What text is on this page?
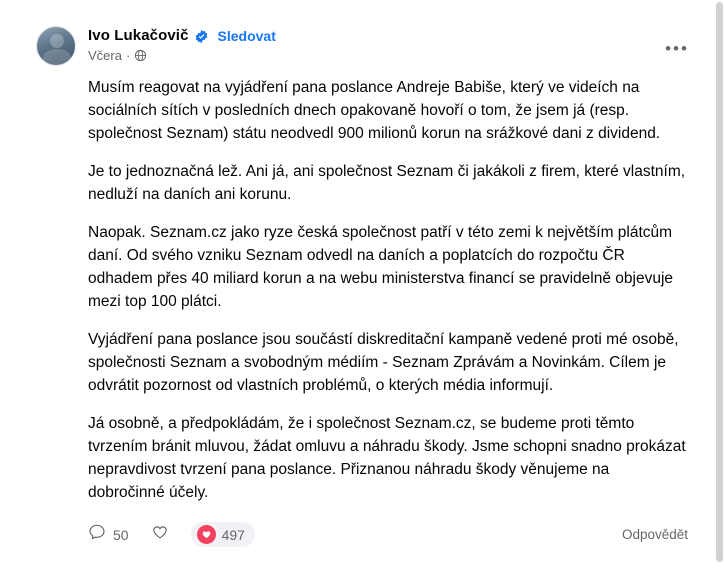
Ivo Lukačovič Sledovat
Včera ·	•••

Musím reagovat na vyjádření pana poslance Andreje Babiše, který ve videích na sociálních sítích v posledních dnech opakovaně hovoří o tom, že jsem já (resp. společnost Seznam) státu neodvedl 900 milionů korun na srážkové dani z dividend.

Je to jednoznačná lež. Ani já, ani společnost Seznam či jakákoli z firem, které vlastním, nedluží na daních ani korunu.

Naopak. Seznam.cz jako ryze česká společnost patří v této zemi k největším plátcům daní. Od svého vzniku Seznam odvedl na daních a poplatcích do rozpočtu ČR odhadem přes 40 miliard korun a na webu ministerstva financí se pravidelně objevuje mezi top 100 plátci.

Vyjádření pana poslance jsou součástí diskreditační kampaně vedené proti mé osobě, společnosti Seznam a svobodným médiím - Seznam Zprávám a Novinkám. Cílem je odvrátit pozornost od vlastních problémů, o kterých média informují.

Já osobně, a předpokládám, že i společnost Seznam.cz, se budeme proti těmto tvrzením bránit mluvou, žádat omluvu a náhradu škody. Jsme schopni snadno prokázat nepravdivost tvrzení pana poslance. Přiznanou náhradu škody věnujeme na dobročinné účely.

50	497	Odpovědět
